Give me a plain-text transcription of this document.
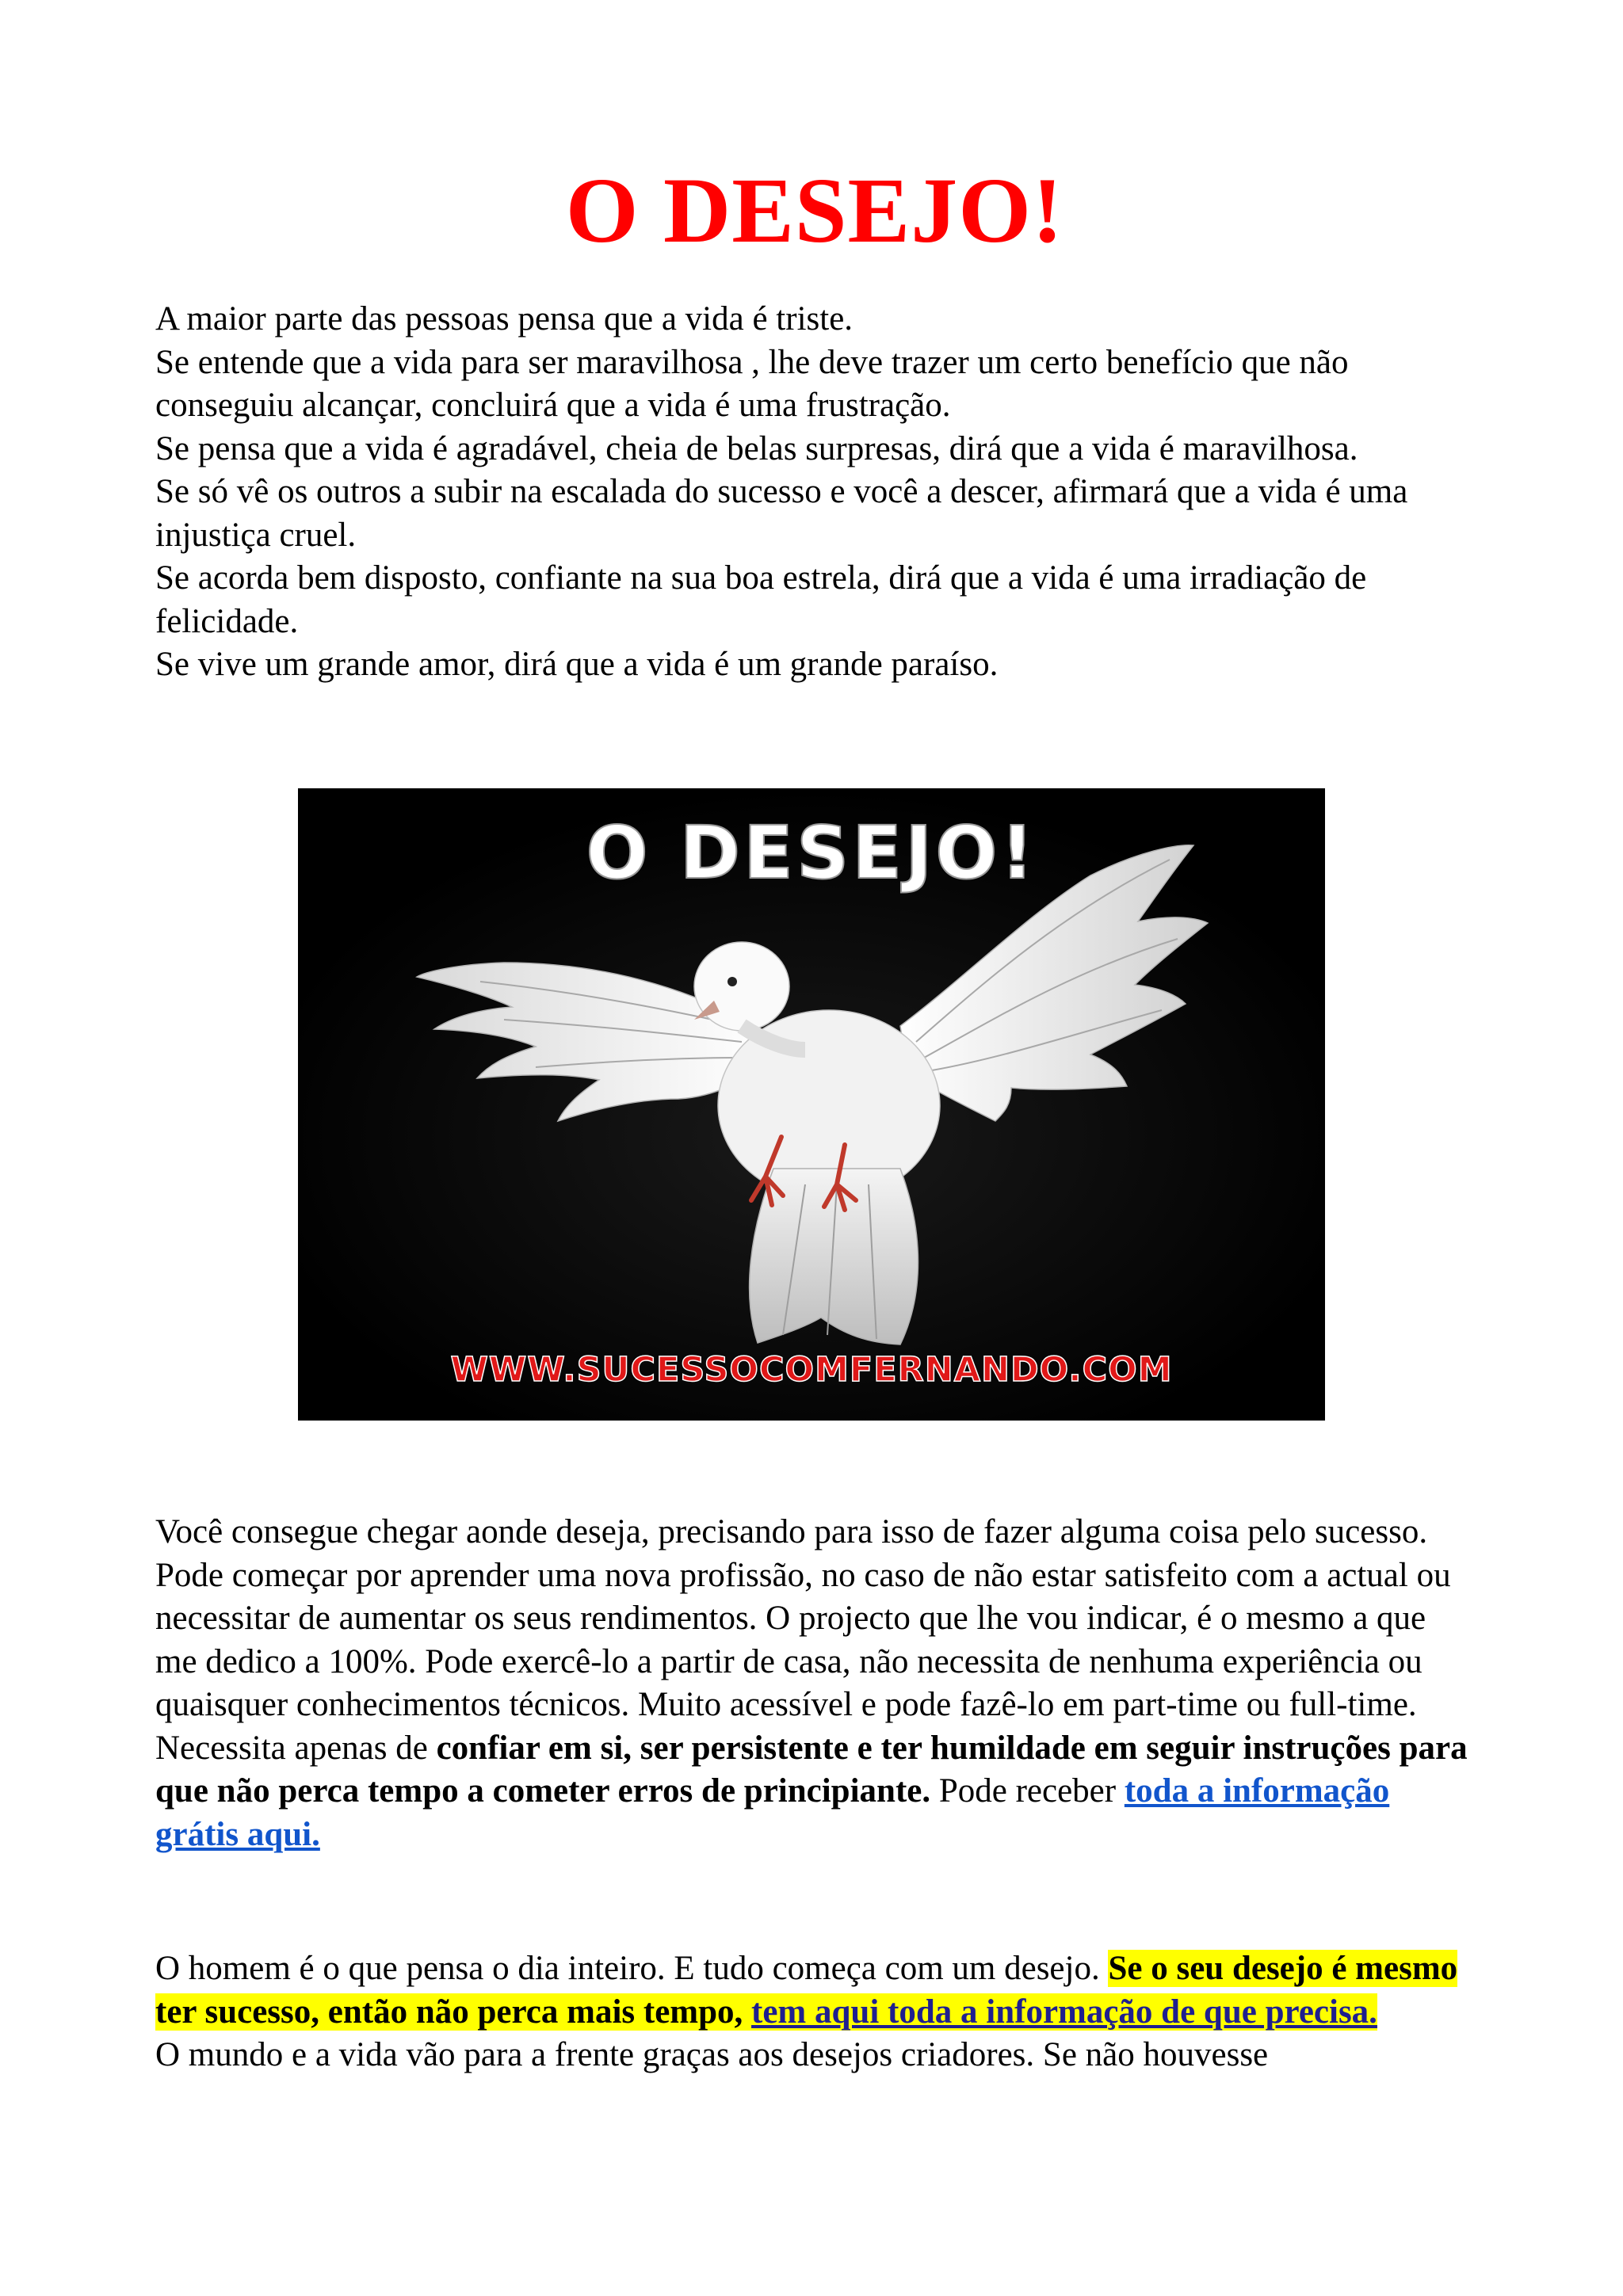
O DESEJO!

A maior parte das pessoas pensa que a vida é triste.

Se entende que a vida para ser maravilhosa , lhe deve trazer um certo benefício que não conseguiu alcançar, concluirá que a vida é uma frustração.

Se pensa que a vida é agradável, cheia de belas surpresas, dirá que a vida é maravilhosa.

Se só vê os outros a subir na escalada do sucesso e você a descer, afirmará que a vida é uma injustiça cruel.

Se acorda bem disposto, confiante na sua boa estrela, dirá que a vida é uma irradiação de felicidade.

Se vive um grande amor, dirá que a vida é um grande paraíso.

O DESEJO!
WWW.SUCESSOCOMFERNANDO.COM

Você consegue chegar aonde deseja, precisando para isso de fazer alguma coisa pelo sucesso.

Pode começar por aprender uma nova profissão, no caso de não estar satisfeito com a actual ou necessitar de aumentar os seus rendimentos. O projecto que lhe vou indicar, é o mesmo a que me dedico a 100%. Pode exercê-lo a partir de casa, não necessita de nenhuma experiência ou quaisquer conhecimentos técnicos. Muito acessível e pode fazê-lo em part-time ou full-time. Necessita apenas de confiar em si, ser persistente e ter humildade em seguir instruções para que não perca tempo a cometer erros de principiante. Pode receber toda a informação grátis aqui.

O homem é o que pensa o dia inteiro. E tudo começa com um desejo. Se o seu desejo é mesmo ter sucesso, então não perca mais tempo, tem aqui toda a informação de que precisa.

O mundo e a vida vão para a frente graças aos desejos criadores. Se não houvesse
